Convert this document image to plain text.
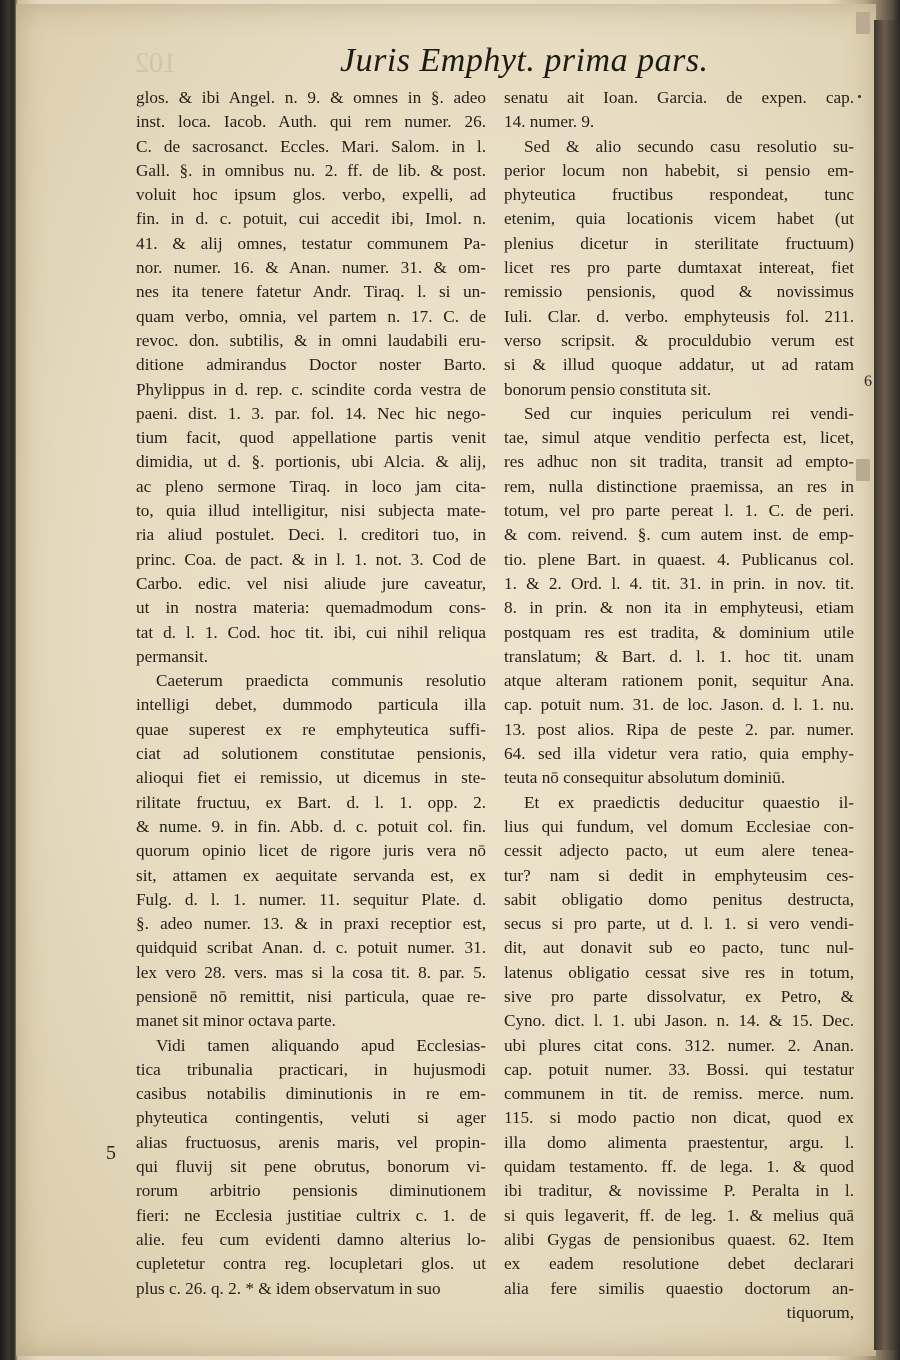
102	Juris Emphyt. prima pars.
glos. & ibi Angel. n. 9. & omnes in §. adeo
inst. loca. Iacob. Auth. qui rem numer. 26.
C. de sacrosanct. Eccles. Mari. Salom. in l.
Gall. §. in omnibus nu. 2. ff. de lib. & post.
voluit hoc ipsum glos. verbo, expelli, ad
fin. in d. c. potuit, cui accedit ibi, Imol. n.
41. & alij omnes, testatur communem Pa-
nor. numer. 16. & Anan. numer. 31. & om-
nes ita tenere fatetur Andr. Tiraq. l. si un-
quam verbo, omnia, vel partem n. 17. C. de
revoc. don. subtilis, & in omni laudabili eru-
ditione admirandus Doctor noster Barto.
Phylippus in d. rep. c. scindite corda vestra de
paeni. dist. 1. 3. par. fol. 14. Nec hic nego-
tium facit, quod appellatione partis venit
dimidia, ut d. §. portionis, ubi Alcia. & alij,
ac pleno sermone Tiraq. in loco jam cita-
to, quia illud intelligitur, nisi subjecta mate-
ria aliud postulet. Deci. l. creditori tuo, in
princ. Coa. de pact. & in l. 1. not. 3. Cod de
Carbo. edic. vel nisi aliude jure caveatur,
ut in nostra materia: quemadmodum cons-
tat d. l. 1. Cod. hoc tit. ibi, cui nihil reliqua
permansit.
Caeterum praedicta communis resolutio
intelligi debet, dummodo particula illa
quae superest ex re emphyteutica suffi-
ciat ad solutionem constitutae pensionis,
alioqui fiet ei remissio, ut dicemus in ste-
rilitate fructuu, ex Bart. d. l. 1. opp. 2.
& nume. 9. in fin. Abb. d. c. potuit col. fin.
quorum opinio licet de rigore juris vera nō
sit, attamen ex aequitate servanda est, ex
Fulg. d. l. 1. numer. 11. sequitur Plate. d.
§. adeo numer. 13. & in praxi receptior est,
quidquid scribat Anan. d. c. potuit numer. 31.
lex vero 28. vers. mas si la cosa tit. 8. par. 5.
pensionē nō remittit, nisi particula, quae re-
manet sit minor octava parte.
Vidi tamen aliquando apud Ecclesias-
tica tribunalia practicari, in hujusmodi
casibus notabilis diminutionis in re em-
phyteutica contingentis, veluti si ager
alias fructuosus, arenis maris, vel propin-
qui fluvij sit pene obrutus, bonorum vi-
rorum arbitrio pensionis diminutionem
fieri: ne Ecclesia justitiae cultrix c. 1. de
alie. feu cum evidenti damno alterius lo-
cupletetur contra reg. locupletari glos. ut
plus c. 26. q. 2. * & idem observatum in suo
senatu ait Ioan. Garcia. de expen. cap.
14. numer. 9.
Sed & alio secundo casu resolutio su-
perior locum non habebit, si pensio em-
phyteutica fructibus respondeat, tunc
etenim, quia locationis vicem habet (ut
plenius dicetur in sterilitate fructuum)
licet res pro parte dumtaxat intereat, fiet
remissio pensionis, quod & novissimus
Iuli. Clar. d. verbo. emphyteusis fol. 211.
verso scripsit. & proculdubio verum est
si & illud quoque addatur, ut ad ratam
bonorum pensio constituta sit.
Sed cur inquies periculum rei vendi-
tae, simul atque venditio perfecta est, licet,
res adhuc non sit tradita, transit ad empto-
rem, nulla distinctione praemissa, an res in
totum, vel pro parte pereat l. 1. C. de peri.
& com. reivend. §. cum autem inst. de emp-
tio. plene Bart. in quaest. 4. Publicanus col.
1. & 2. Ord. l. 4. tit. 31. in prin. in nov. tit.
8. in prin. & non ita in emphyteusi, etiam
postquam res est tradita, & dominium utile
translatum; & Bart. d. l. 1. hoc tit. unam
atque alteram rationem ponit, sequitur Ana.
cap. potuit num. 31. de loc. Jason. d. l. 1. nu.
13. post alios. Ripa de peste 2. par. numer.
64. sed illa videtur vera ratio, quia emphy-
teuta nō consequitur absolutum dominiū.
Et ex praedictis deducitur quaestio il-
lius qui fundum, vel domum Ecclesiae con-
cessit adjecto pacto, ut eum alere tenea-
tur? nam si dedit in emphyteusim ces-
sabit obligatio domo penitus destructa,
secus si pro parte, ut d. l. 1. si vero vendi-
dit, aut donavit sub eo pacto, tunc nul-
latenus obligatio cessat sive res in totum,
sive pro parte dissolvatur, ex Petro, &
Cyno. dict. l. 1. ubi Jason. n. 14. & 15. Dec.
ubi plures citat cons. 312. numer. 2. Anan.
cap. potuit numer. 33. Bossi. qui testatur
communem in tit. de remiss. merce. num.
115. si modo pactio non dicat, quod ex
illa domo alimenta praestentur, argu. l.
quidam testamento. ff. de lega. 1. & quod
ibi traditur, & novissime P. Peralta in l.
si quis legaverit, ff. de leg. 1. & melius quā
alibi Gygas de pensionibus quaest. 62. Item
ex eadem resolutione debet declarari
alia fere similis quaestio doctorum an-
tiquorum,
5
6
